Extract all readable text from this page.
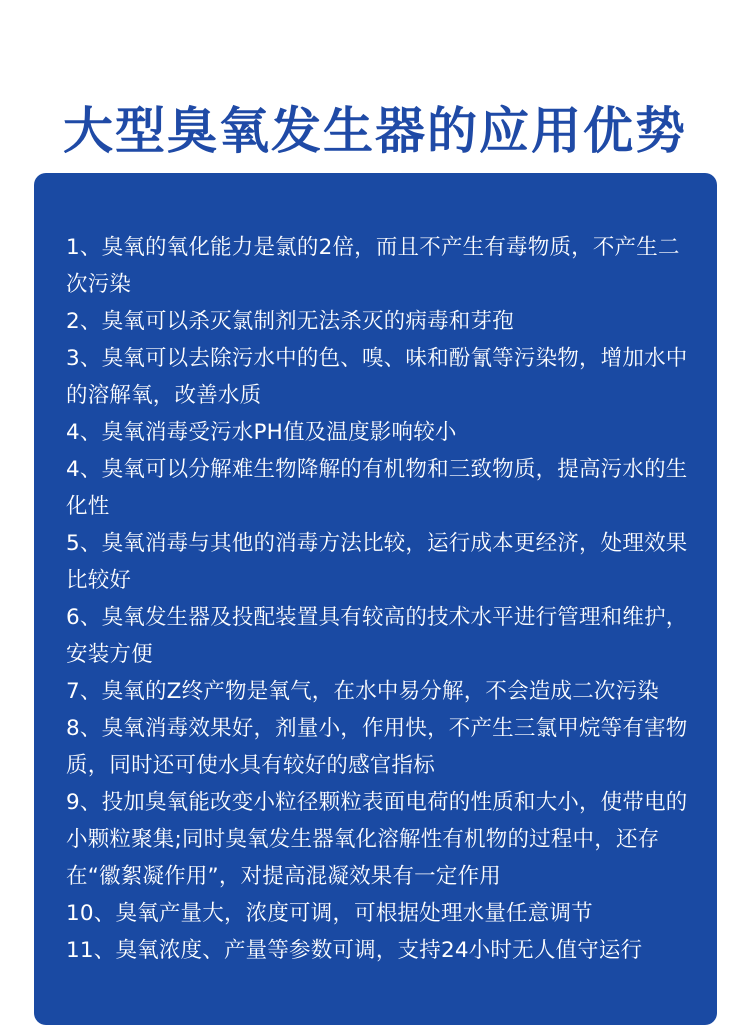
大型臭氧发生器的应用优势
1、臭氧的氧化能力是氯的2倍，而且不产生有毒物质，不产生二次污染
2、臭氧可以杀灭氯制剂无法杀灭的病毒和芽孢
3、臭氧可以去除污水中的色、嗅、味和酚氰等污染物，增加水中的溶解氧，改善水质
4、臭氧消毒受污水PH值及温度影响较小
4、臭氧可以分解难生物降解的有机物和三致物质，提高污水的生化性
5、臭氧消毒与其他的消毒方法比较，运行成本更经济，处理效果比较好
6、臭氧发生器及投配装置具有较高的技术水平进行管理和维护，安装方便
7、臭氧的Z终产物是氧气，在水中易分解，不会造成二次污染
8、臭氧消毒效果好，剂量小，作用快，不产生三氯甲烷等有害物质，同时还可使水具有较好的感官指标
9、投加臭氧能改变小粒径颗粒表面电荷的性质和大小，使带电的小颗粒聚集;同时臭氧发生器氧化溶解性有机物的过程中，还存在“徽絮凝作用”，对提高混凝效果有一定作用
10、臭氧产量大，浓度可调，可根据处理水量任意调节
11、臭氧浓度、产量等参数可调，支持24小时无人值守运行
